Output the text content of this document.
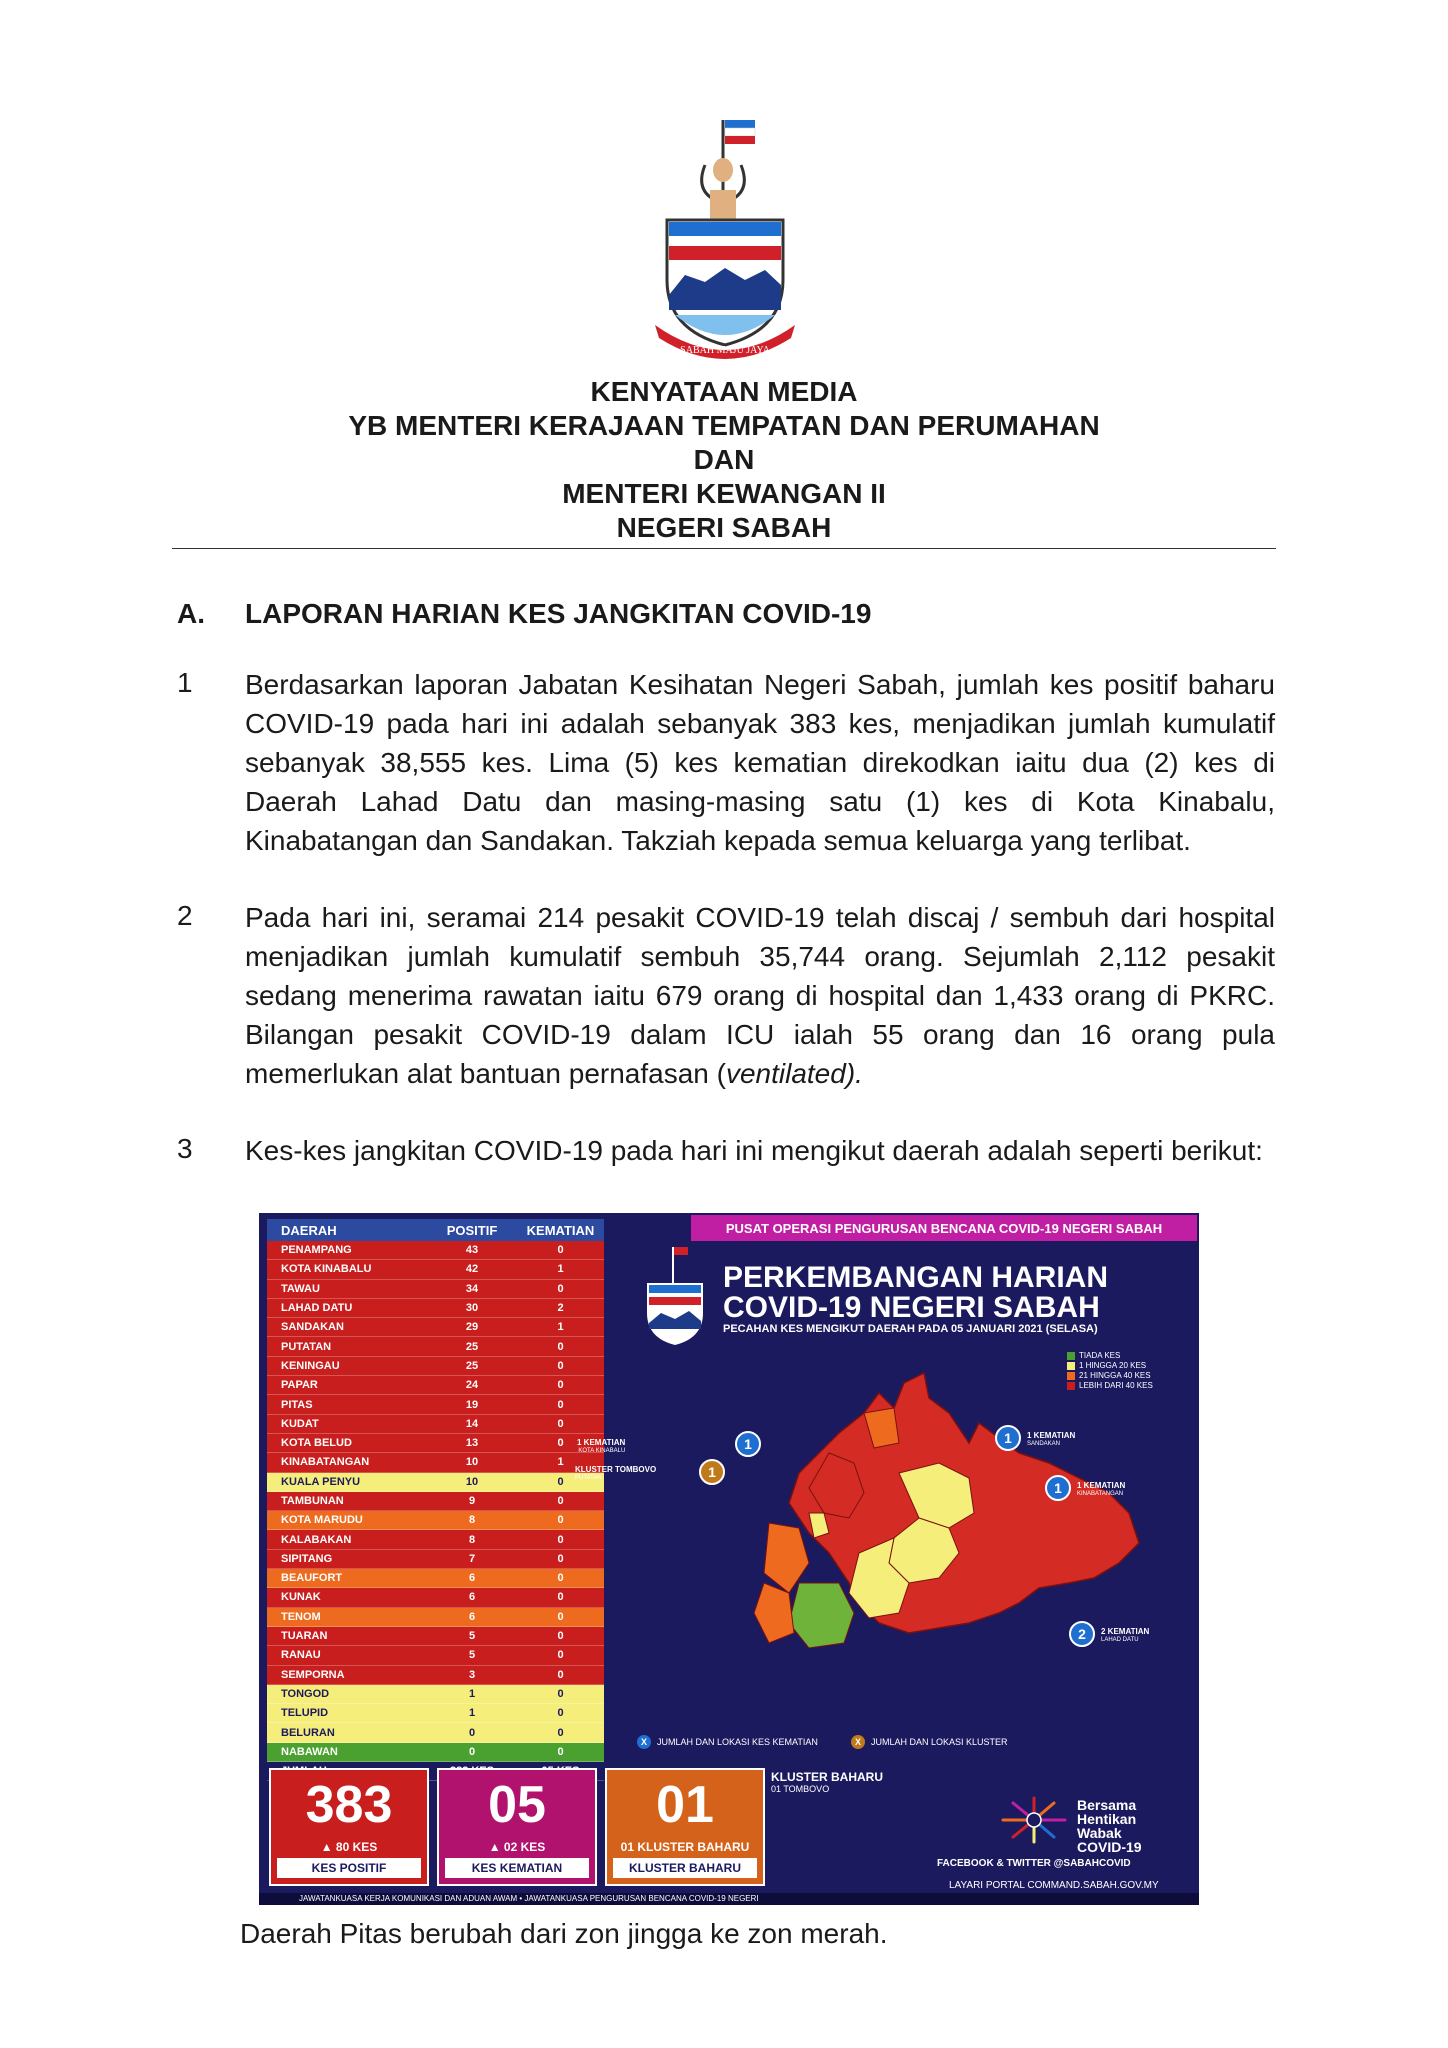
SABAH MAJU JAYA
KENYATAAN MEDIA
YB MENTERI KERAJAAN TEMPATAN DAN PERUMAHAN
DAN
MENTERI KEWANGAN II
NEGERI SABAH
A. LAPORAN HARIAN KES JANGKITAN COVID-19
1 Berdasarkan laporan Jabatan Kesihatan Negeri Sabah, jumlah kes positif baharu COVID-19 pada hari ini adalah sebanyak 383 kes, menjadikan jumlah kumulatif sebanyak 38,555 kes. Lima (5) kes kematian direkodkan iaitu dua (2) kes di Daerah Lahad Datu dan masing-masing satu (1) kes di Kota Kinabalu, Kinabatangan dan Sandakan. Takziah kepada semua keluarga yang terlibat.
2 Pada hari ini, seramai 214 pesakit COVID-19 telah discaj / sembuh dari hospital menjadikan jumlah kumulatif sembuh 35,744 orang. Sejumlah 2,112 pesakit sedang menerima rawatan iaitu 679 orang di hospital dan 1,433 orang di PKRC. Bilangan pesakit COVID-19 dalam ICU ialah 55 orang dan 16 orang pula memerlukan alat bantuan pernafasan (ventilated).
3 Kes-kes jangkitan COVID-19 pada hari ini mengikut daerah adalah seperti berikut:
DAERAH	POSITIF	KEMATIAN
PENAMPANG	43	0
KOTA KINABALU	42	1
TAWAU	34	0
LAHAD DATU	30	2
SANDAKAN	29	1
PUTATAN	25	0
KENINGAU	25	0
PAPAR	24	0
PITAS	19	0
KUDAT	14	0
KOTA BELUD	13	0
KINABATANGAN	10	1
KUALA PENYU	10	0
TAMBUNAN	9	0
KOTA MARUDU	8	0
KALABAKAN	8	0
SIPITANG	7	0
BEAUFORT	6	0
KUNAK	6	0
TENOM	6	0
TUARAN	5	0
RANAU	5	0
SEMPORNA	3	0
TONGOD	1	0
TELUPID	1	0
BELURAN	0	0
NABAWAN	0	0
PUSAT OPERASI PENGURUSAN BENCANA COVID-19 NEGERI SABAH
PERKEMBANGAN HARIAN
COVID-19 NEGERI SABAH
PECAHAN KES MENGIKUT DAERAH PADA 05 JANUARI 2021 (SELASA)
TIADA KES
1 HINGGA 20 KES
21 HINGGA 40 KES
LEBIH DARI 40 KES
1 KEMATIAN
KOTA KINABALU	1
KLUSTER TOMBOVO
PUTATAN	1
1	1 KEMATIAN
SANDAKAN
1	1 KEMATIAN
KINABATANGAN
2	2 KEMATIAN
LAHAD DATU
X	JUMLAH DAN LOKASI KES KEMATIAN	X	JUMLAH DAN LOKASI KLUSTER
383
▲ 80 KES
KES POSITIF
05
▲ 02 KES
KES KEMATIAN
01
01 KLUSTER BAHARU
KLUSTER BAHARU
KLUSTER BAHARU
01 TOMBOVO
Bersama
Hentikan
Wabak
COVID-19
FACEBOOK & TWITTER @SABAHCOVID
LAYARI PORTAL COMMAND.SABAH.GOV.MY
JAWATANKUASA KERJA KOMUNIKASI DAN ADUAN AWAM • JAWATANKUASA PENGURUSAN BENCANA COVID-19 NEGERI
Daerah Pitas berubah dari zon jingga ke zon merah.
